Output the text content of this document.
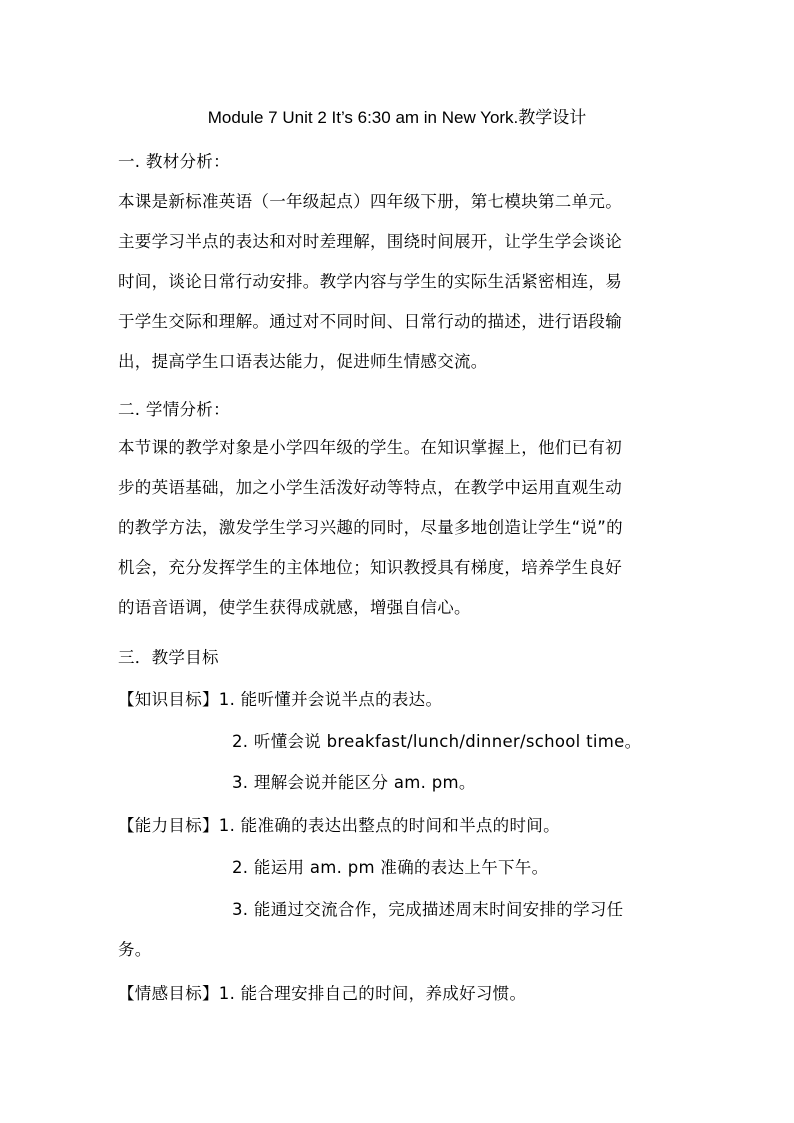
Module 7 Unit 2 It’s 6:30 am in New York.教学设计
一. 教材分析：
本课是新标准英语（一年级起点）四年级下册，第七模块第二单元。
主要学习半点的表达和对时差理解，围绕时间展开，让学生学会谈论
时间，谈论日常行动安排。教学内容与学生的实际生活紧密相连，易
于学生交际和理解。通过对不同时间、日常行动的描述，进行语段输
出，提高学生口语表达能力，促进师生情感交流。
二. 学情分析：
本节课的教学对象是小学四年级的学生。在知识掌握上，他们已有初
步的英语基础，加之小学生活泼好动等特点，在教学中运用直观生动
的教学方法，激发学生学习兴趣的同时，尽量多地创造让学生“说”的
机会，充分发挥学生的主体地位；知识教授具有梯度，培养学生良好
的语音语调，使学生获得成就感，增强自信心。
三．教学目标
【知识目标】1. 能听懂并会说半点的表达。
2. 听懂会说 breakfast/lunch/dinner/school time。
3. 理解会说并能区分 am. pm。
【能力目标】1. 能准确的表达出整点的时间和半点的时间。
2. 能运用 am. pm 准确的表达上午下午。
3. 能通过交流合作，完成描述周末时间安排的学习任
务。
【情感目标】1. 能合理安排自己的时间，养成好习惯。
